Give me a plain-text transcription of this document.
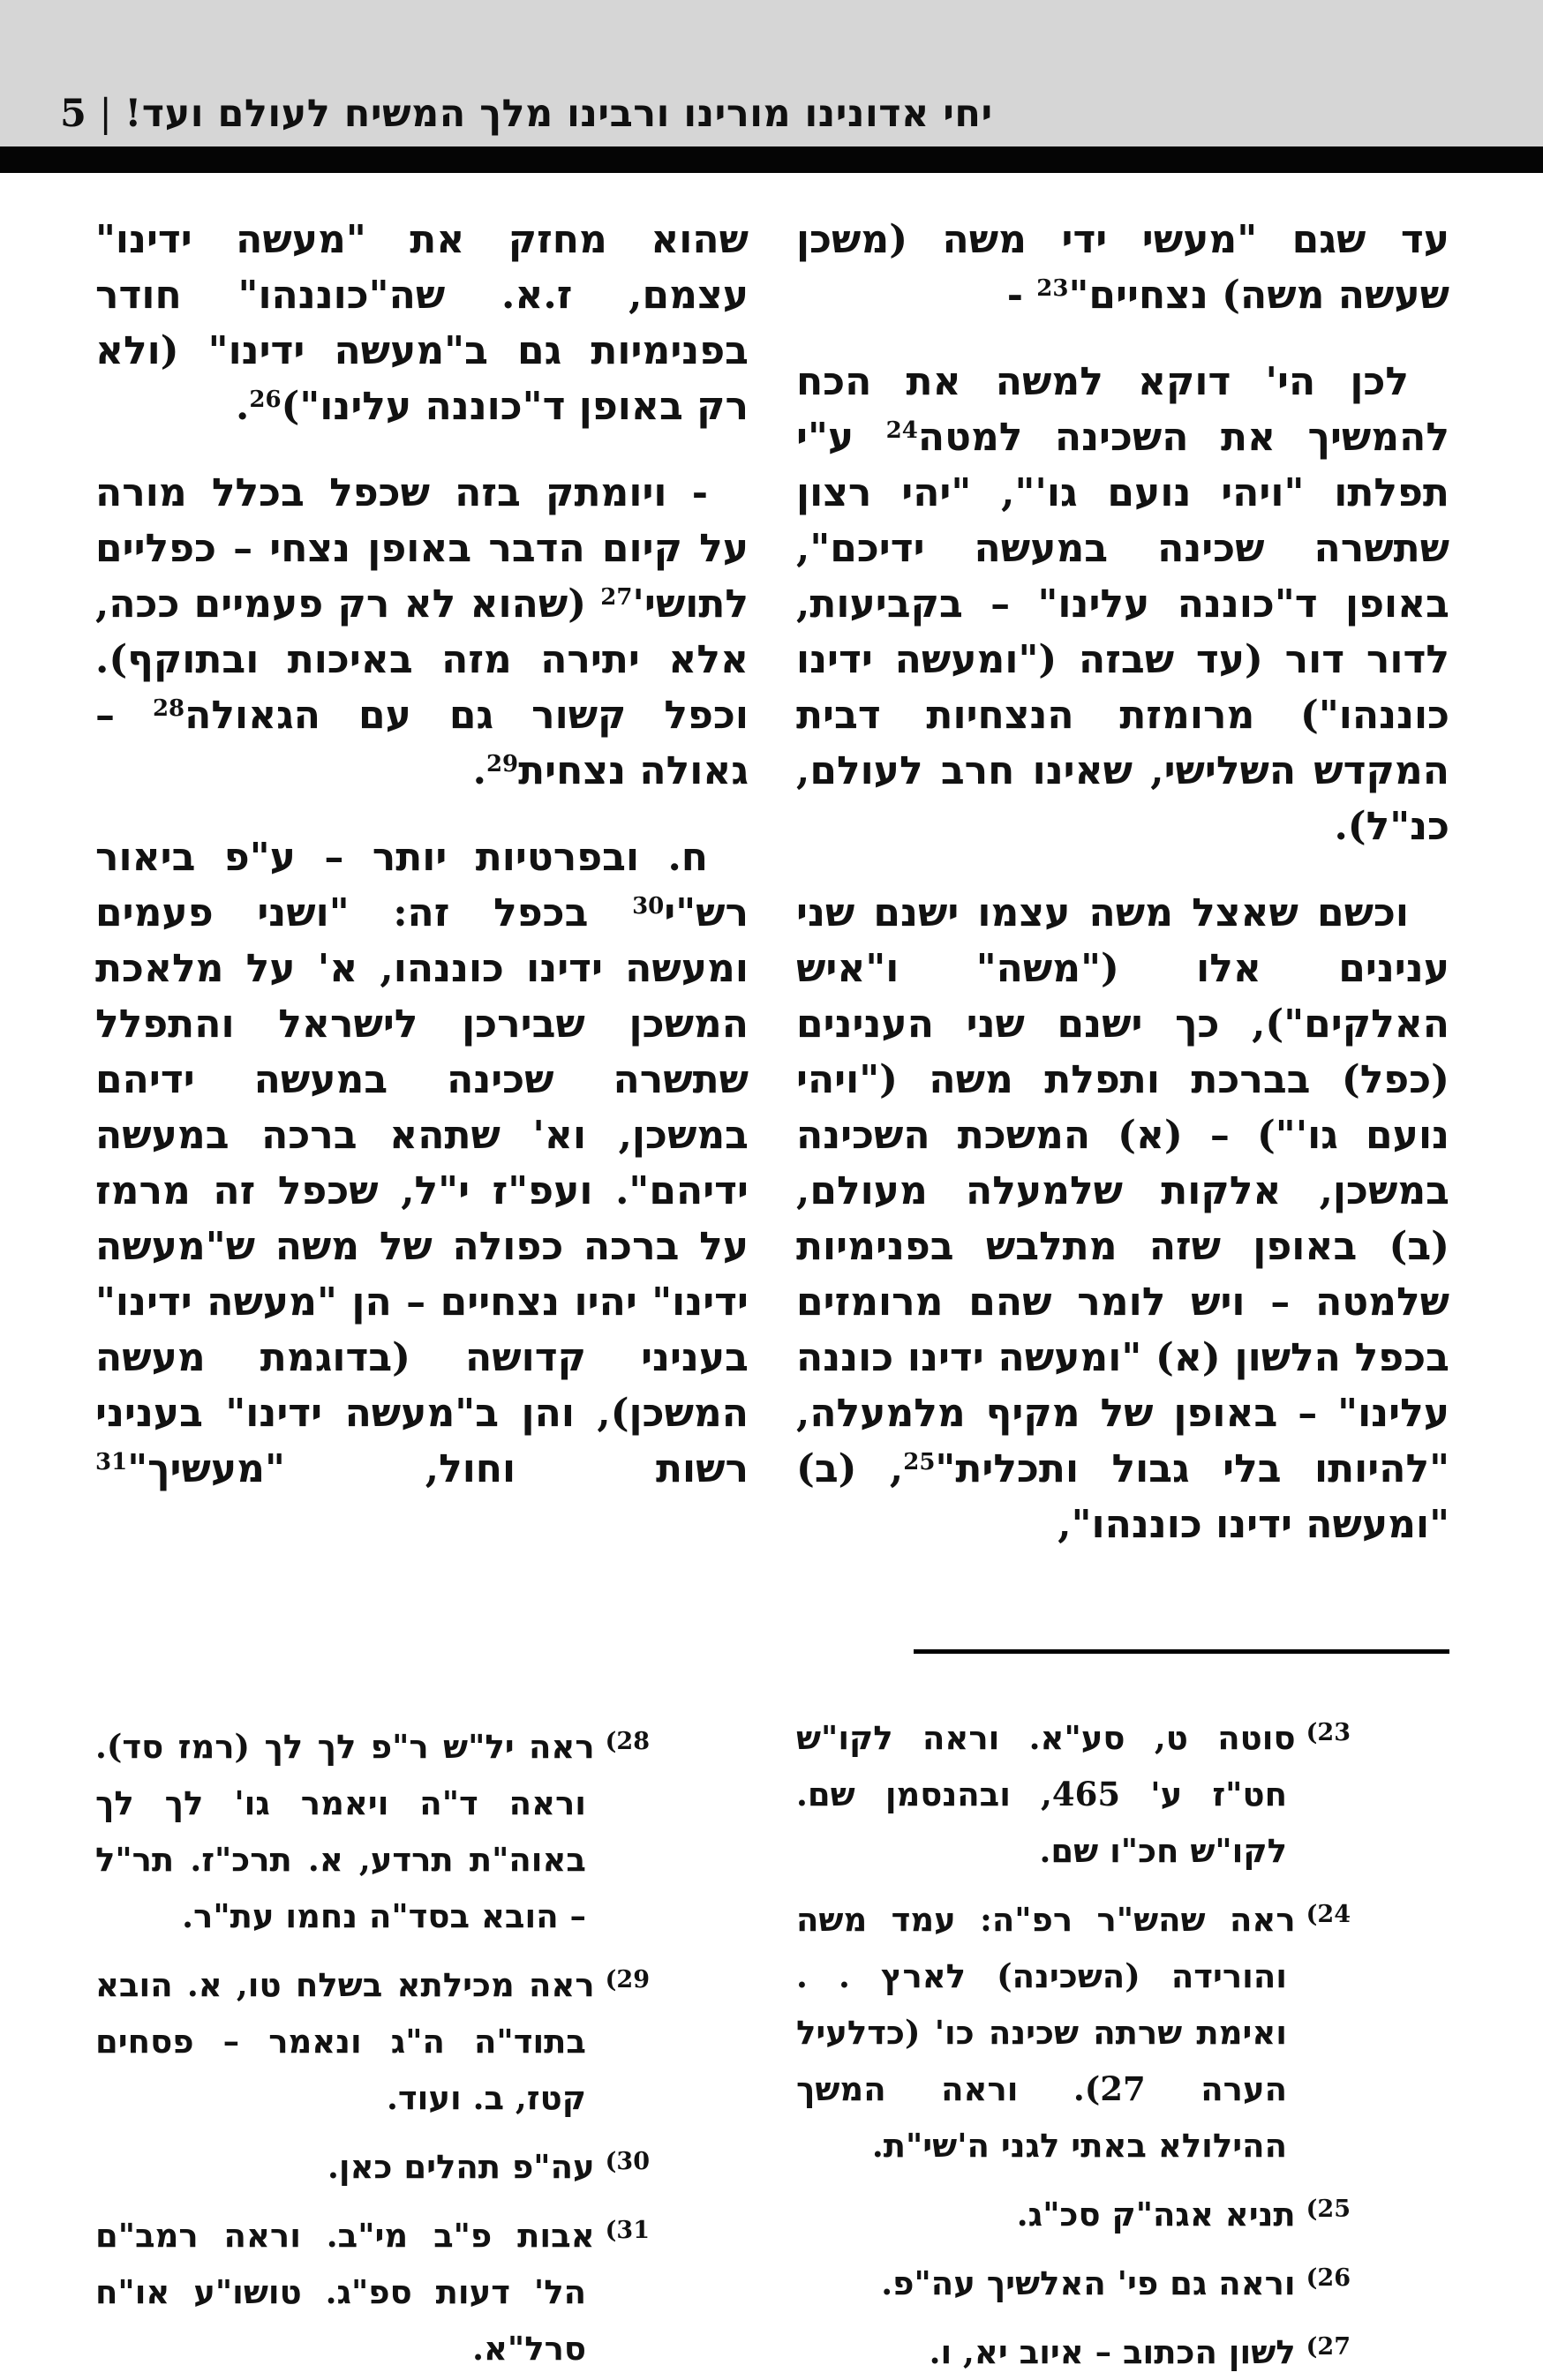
יחי אדונינו מורינו ורבינו מלך המשיח לעולם ועד!|5

עד שגם "מעשי ידי משה (משכן שעשה משה) נצחיים"$^{23}$ -

לכן הי' דוקא למשה את הכח להמשיך את השכינה למטה$^{24}$ ע"י תפלתו "ויהי נועם גו'", "יהי רצון שתשרה שכינה במעשה ידיכם", באופן ד"כוננה עלינו" – בקביעות, לדור דור (עד שבזה ("ומעשה ידינו כוננהו") מרומזת הנצחיות דבית המקדש השלישי, שאינו חרב לעולם, כנ"ל).

וכשם שאצל משה עצמו ישנם שני ענינים אלו ("משה" ו"איש האלקים"), כך ישנם שני הענינים (כפל) בברכת ותפלת משה ("ויהי נועם גו'") – (א) המשכת השכינה במשכן, אלקות שלמעלה מעולם, (ב) באופן שזה מתלבש בפנימיות שלמטה – ויש לומר שהם מרומזים בכפל הלשון (א) "ומעשה ידינו כוננה עלינו" – באופן של מקיף מלמעלה, "להיותו בלי גבול ותכלית"$^{25}$, (ב) "ומעשה ידינו כוננהו",

$^{(23}$סוטה ט, סע"א. וראה לקו"ש חט"ז ע' 465, ובהנסמן שם. לקו"ש חכ"ו שם.

$^{(24}$ראה שהש"ר רפ"ה: עמד משה והורידה (השכינה) לארץ . . ואימת שרתה שכינה כו' (כדלעיל הערה 27). וראה המשך ההילולא באתי לגני ה'שי"ת.

$^{(25}$תניא אגה"ק סכ"ג.

$^{(26}$וראה גם פי' האלשיך עה"פ.

$^{(27}$לשון הכתוב – איוב יא, ו.

שהוא מחזק את "מעשה ידינו" עצמם, ז.א. שה"כוננהו" חודר בפנימיות גם ב"מעשה ידינו" (ולא רק באופן ד"כוננה עלינו")$^{26}$.

- ויומתק בזה שכפל בכלל מורה על קיום הדבר באופן נצחי – כפליים לתושי'$^{27}$ (שהוא לא רק פעמיים ככה, אלא יתירה מזה באיכות ובתוקף). וכפל קשור גם עם הגאולה$^{28}$ – גאולה נצחית$^{29}$.

ח. ובפרטיות יותר – ע"פ ביאור רש"י$^{30}$ בכפל זה: "ושני פעמים ומעשה ידינו כוננהו, א' על מלאכת המשכן שבירכן לישראל והתפלל שתשרה שכינה במעשה ידיהם במשכן, וא' שתהא ברכה במעשה ידיהם". ועפ"ז י"ל, שכפל זה מרמז על ברכה כפולה של משה ש"מעשה ידינו" יהיו נצחיים – הן "מעשה ידינו" בעניני קדושה (בדוגמת מעשה המשכן), והן ב"מעשה ידינו" בעניני רשות וחול, "מעשיך"$^{31}$

$^{(28}$ראה יל"ש ר"פ לך לך (רמז סד). וראה ד"ה ויאמר גו' לך לך באוה"ת תרדע, א. תרכ"ז. תר"ל – הובא בסד"ה נחמו עת"ר.

$^{(29}$ראה מכילתא בשלח טו, א. הובא בתוד"ה ה"ג ונאמר – פסחים קטז, ב. ועוד.

$^{(30}$עה"פ תהלים כאן.

$^{(31}$אבות פ"ב מי"ב. וראה רמב"ם הל' דעות ספ"ג. טושו"ע או"ח סרל"א.
